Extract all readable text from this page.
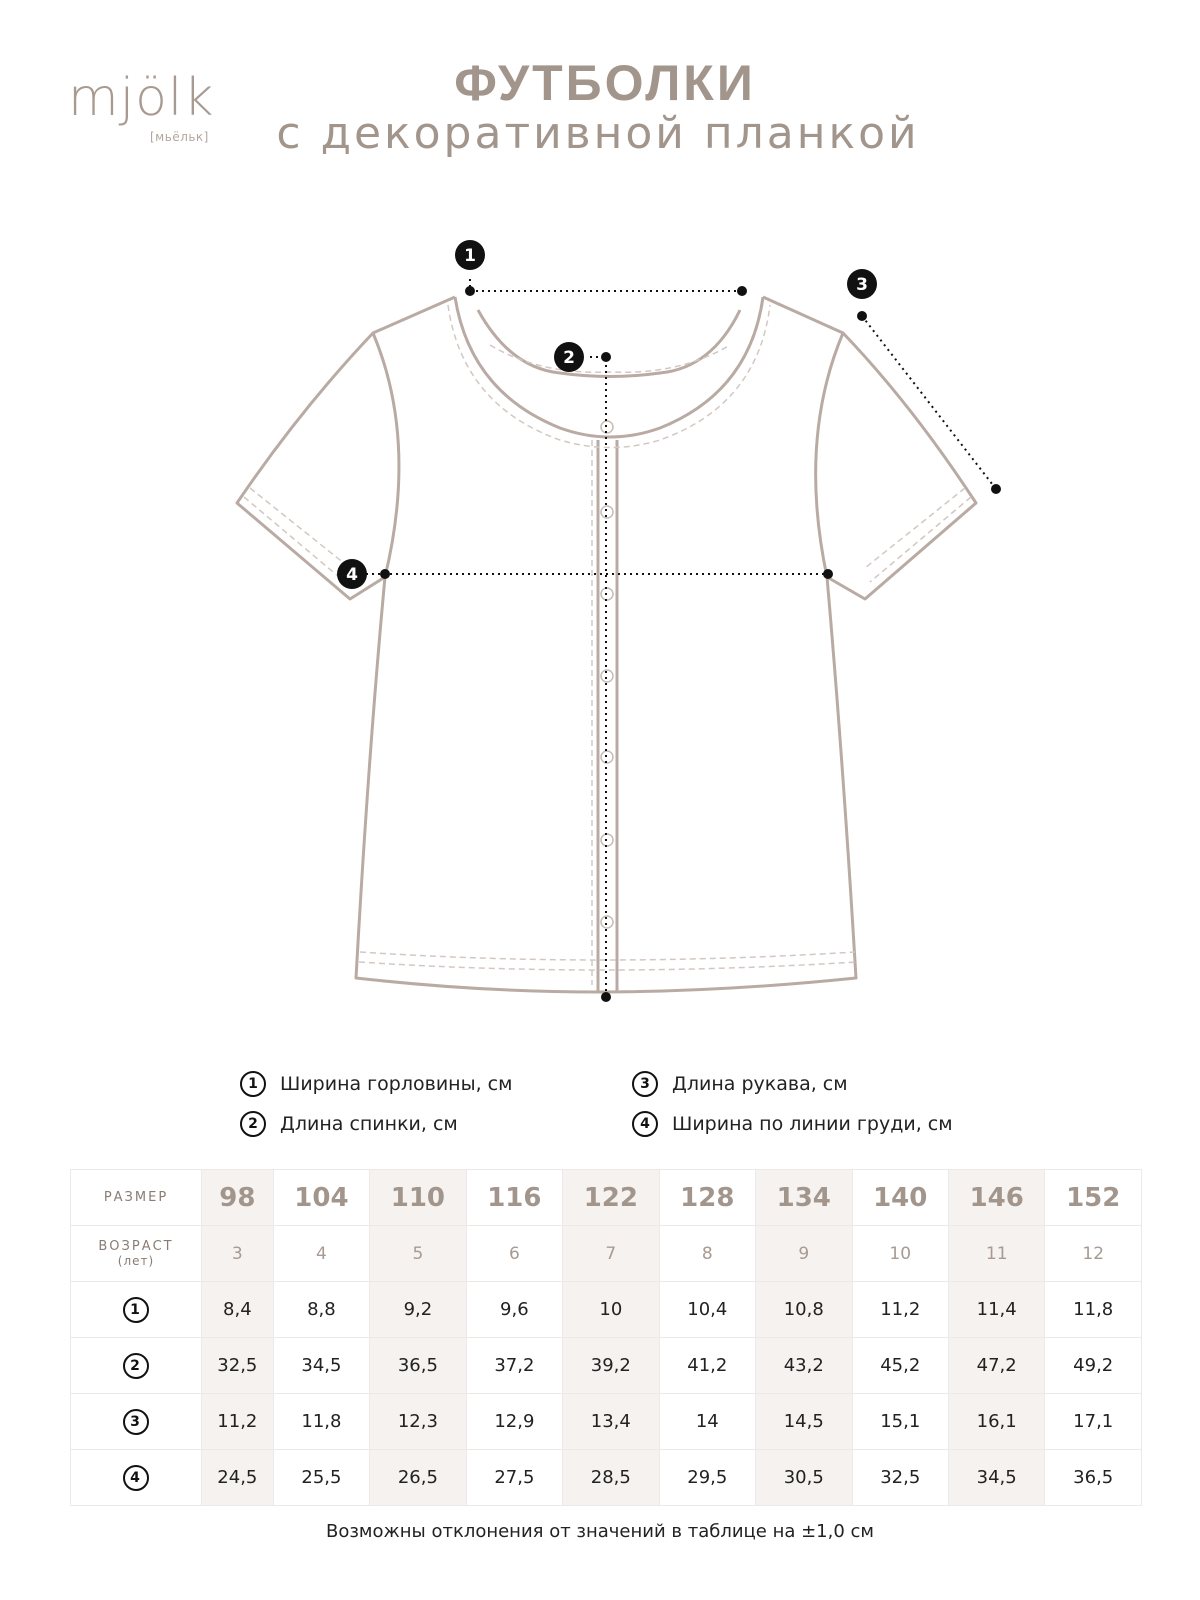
mjölk
[мьёльк]
ФУТБОЛКИ
с декоративной планкой
1
2
3
4
1	Ширина горловины, см
2	Длина спинки, см
3	Длина рукава, см
4	Ширина по линии груди, см
РАЗМЕР	98	104	110	116	122	128	134	140	146	152

ВОЗРАСТ
(лет)	3	4	5	6	7	8	9	10	11	12
1	8,4	8,8	9,2	9,6	10	10,4	10,8	11,2	11,4	11,8
2	32,5	34,5	36,5	37,2	39,2	41,2	43,2	45,2	47,2	49,2
3	11,2	11,8	12,3	12,9	13,4	14	14,5	15,1	16,1	17,1
4	24,5	25,5	26,5	27,5	28,5	29,5	30,5	32,5	34,5	36,5
Возможны отклонения от значений в таблице на ±1,0 см
